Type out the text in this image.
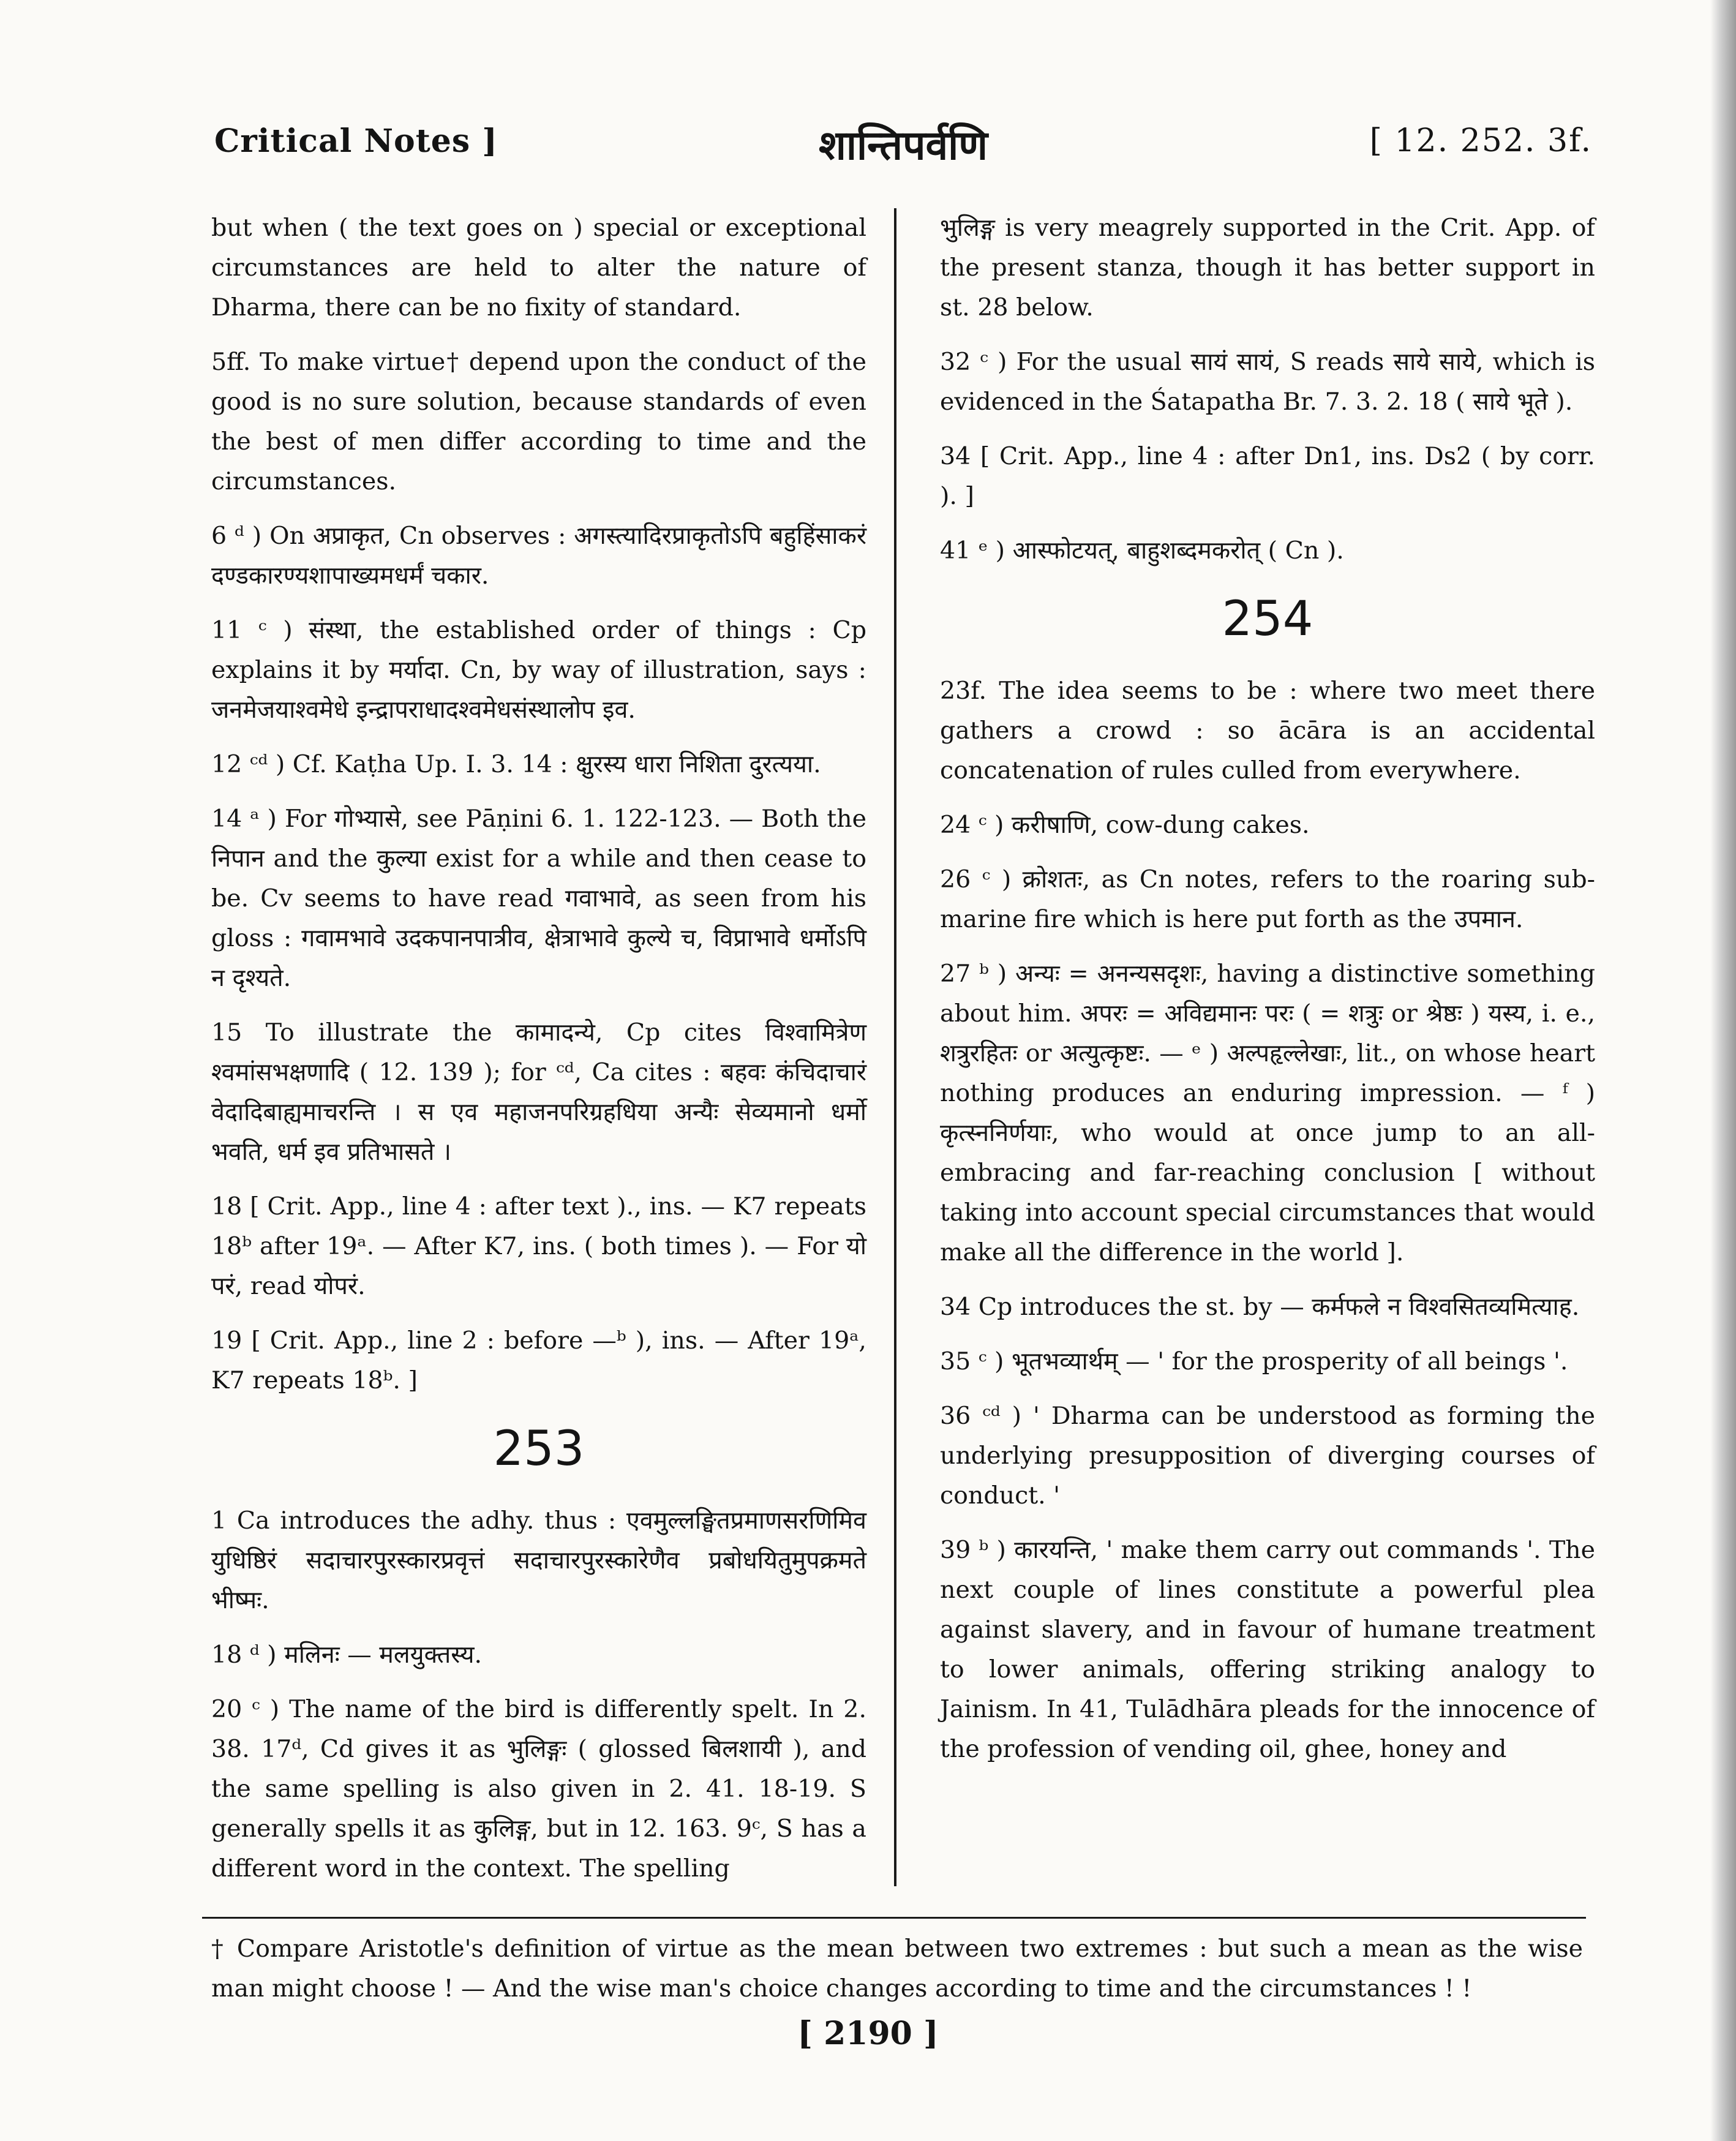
Critical Notes ]	शान्तिपर्वणि	[ 12. 252. 3f.

but when ( the text goes on ) special or exceptional circumstances are held to alter the nature of Dharma, there can be no fixity of standard.

5ff. To make virtue† depend upon the conduct of the good is no sure solution, because standards of even the best of men differ according to time and the circumstances.

6 ᵈ ) On अप्राकृत, Cn observes : अगस्त्यादिरप्राकृतोऽपि बहुहिंसाकरं दण्डकारण्यशापाख्यमधर्मं चकार.

11 ᶜ ) संस्था, the established order of things : Cp explains it by मर्यादा. Cn, by way of illustration, says : जनमेजयाश्वमेधे इन्द्रापराधादश्वमेधसंस्थालोप इव.

12 ᶜᵈ ) Cf. Kaṭha Up. I. 3. 14 : क्षुरस्य धारा निशिता दुरत्यया.

14 ᵃ ) For गोभ्यासे, see Pāṇini 6. 1. 122-123. — Both the निपान and the कुल्या exist for a while and then cease to be. Cv seems to have read गवाभावे, as seen from his gloss : गवामभावे उदकपानपात्रीव, क्षेत्राभावे कुल्ये च, विप्राभावे धर्मोऽपि न दृश्यते.

15 To illustrate the कामादन्ये, Cp cites विश्वामित्रेण श्वमांसभक्षणादि ( 12. 139 ); for ᶜᵈ, Ca cites : बहवः कंचिदाचारं वेदादिबाह्यमाचरन्ति । स एव महाजनपरिग्रहधिया अन्यैः सेव्यमानो धर्मो भवति, धर्म इव प्रतिभासते ।

18 [ Crit. App., line 4 : after text )., ins. — K7 repeats 18ᵇ after 19ᵃ. — After K7, ins. ( both times ). — For यो परं, read योपरं.

19 [ Crit. App., line 2 : before —ᵇ ), ins. — After 19ᵃ, K7 repeats 18ᵇ. ]

253

1 Ca introduces the adhy. thus : एवमुल्लङ्घितप्रमाणसरणिमिव युधिष्ठिरं सदाचारपुरस्कारप्रवृत्तं सदाचारपुरस्कारेणैव प्रबोधयितुमुपक्रमते भीष्मः.

18 ᵈ ) मलिनः — मलयुक्तस्य.

20 ᶜ ) The name of the bird is differently spelt. In 2. 38. 17ᵈ, Cd gives it as भुलिङ्गः ( glossed बिलशायी ), and the same spelling is also given in 2. 41. 18-19. S generally spells it as कुलिङ्ग, but in 12. 163. 9ᶜ, S has a different word in the context. The spelling

भुलिङ्ग is very meagrely supported in the Crit. App. of the present stanza, though it has better support in st. 28 below.

32 ᶜ ) For the usual सायं सायं, S reads साये साये, which is evidenced in the Śatapatha Br. 7. 3. 2. 18 ( साये भूते ).

34 [ Crit. App., line 4 : after Dn1, ins. Ds2 ( by corr. ). ]

41 ᵉ ) आस्फोटयत्, बाहुशब्दमकरोत् ( Cn ).

254

23f. The idea seems to be : where two meet there gathers a crowd : so ācāra is an accidental concatenation of rules culled from everywhere.

24 ᶜ ) करीषाणि, cow-dung cakes.

26 ᶜ ) क्रोशतः, as Cn notes, refers to the roaring sub-marine fire which is here put forth as the उपमान.

27 ᵇ ) अन्यः = अनन्यसदृशः, having a distinctive something about him. अपरः = अविद्यमानः परः ( = शत्रुः or श्रेष्ठः ) यस्य, i. e., शत्रुरहितः or अत्युत्कृष्टः. — ᵉ ) अल्पहृल्लेखाः, lit., on whose heart nothing produces an enduring impression. — ᶠ ) कृत्स्ननिर्णयाः, who would at once jump to an all-embracing and far-reaching conclusion [ without taking into account special circumstances that would make all the difference in the world ].

34 Cp introduces the st. by — कर्मफले न विश्वसितव्यमित्याह.

35 ᶜ ) भूतभव्यार्थम् — ' for the prosperity of all beings '.

36 ᶜᵈ ) ' Dharma can be understood as forming the underlying presupposition of diverging courses of conduct. '

39 ᵇ ) कारयन्ति, ' make them carry out commands '. The next couple of lines constitute a powerful plea against slavery, and in favour of humane treatment to lower animals, offering striking analogy to Jainism. In 41, Tulādhāra pleads for the innocence of the profession of vending oil, ghee, honey and

† Compare Aristotle's definition of virtue as the mean between two extremes : but such a mean as the wise man might choose ! — And the wise man's choice changes according to time and the circumstances ! !
[ 2190 ]
